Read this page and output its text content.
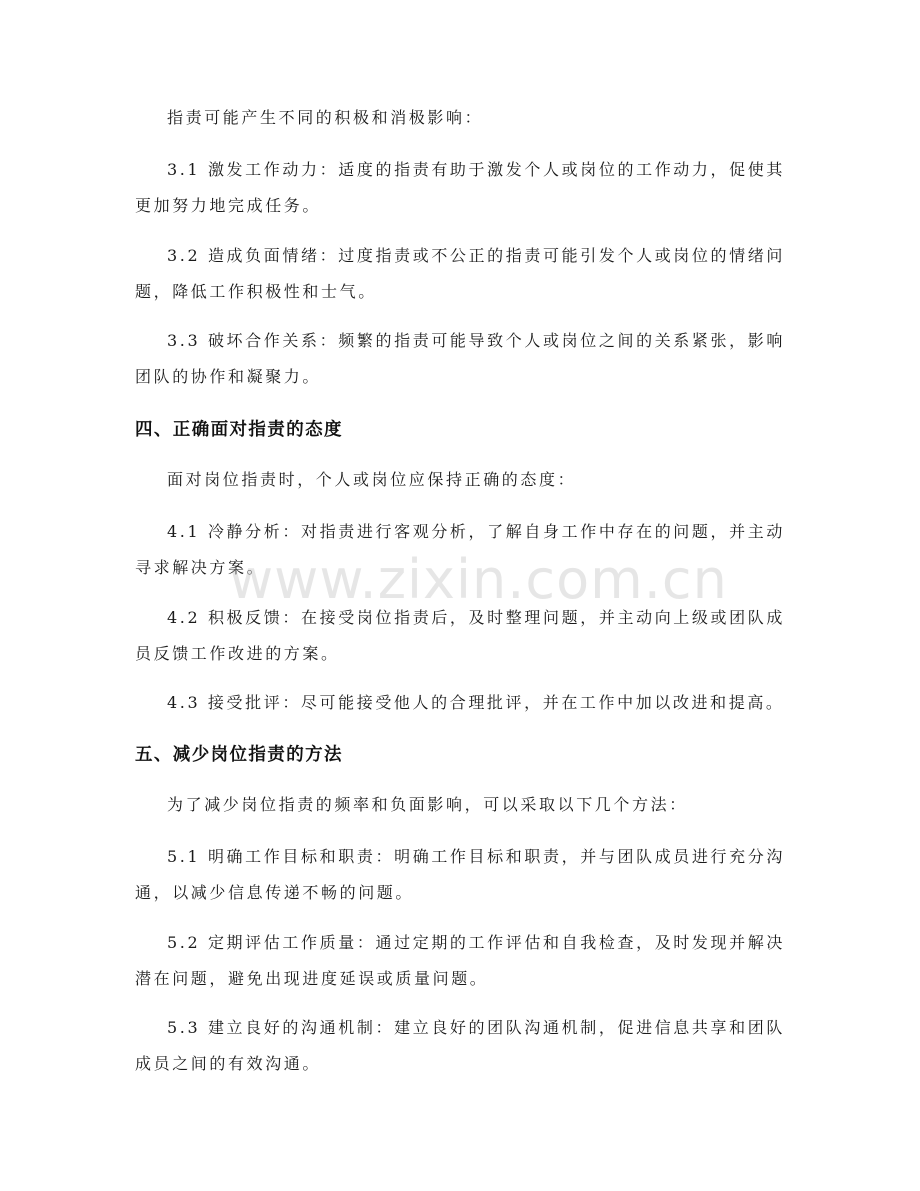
指责可能产生不同的积极和消极影响：

3.1 激发工作动力：适度的指责有助于激发个人或岗位的工作动力，促使其更加努力地完成任务。

3.2 造成负面情绪：过度指责或不公正的指责可能引发个人或岗位的情绪问题，降低工作积极性和士气。

3.3 破坏合作关系：频繁的指责可能导致个人或岗位之间的关系紧张，影响团队的协作和凝聚力。

四、正确面对指责的态度

面对岗位指责时，个人或岗位应保持正确的态度：

4.1 冷静分析：对指责进行客观分析，了解自身工作中存在的问题，并主动寻求解决方案。

4.2 积极反馈：在接受岗位指责后，及时整理问题，并主动向上级或团队成员反馈工作改进的方案。

4.3 接受批评：尽可能接受他人的合理批评，并在工作中加以改进和提高。

五、减少岗位指责的方法

为了减少岗位指责的频率和负面影响，可以采取以下几个方法：

5.1 明确工作目标和职责：明确工作目标和职责，并与团队成员进行充分沟通，以减少信息传递不畅的问题。

5.2 定期评估工作质量：通过定期的工作评估和自我检查，及时发现并解决潜在问题，避免出现进度延误或质量问题。

5.3 建立良好的沟通机制：建立良好的团队沟通机制，促进信息共享和团队成员之间的有效沟通。

www.zixin.com.cn
